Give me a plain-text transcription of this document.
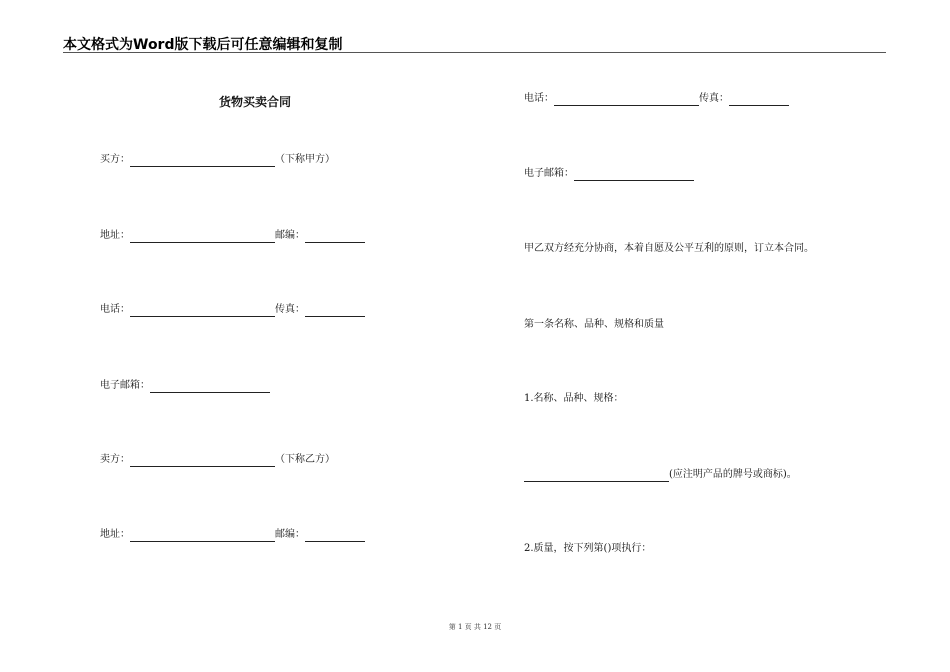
本文格式为Word版下载后可任意编辑和复制
货物买卖合同
买方：	（下称甲方）
地址：	邮编：
电话：	传真：
电子邮箱：
卖方：	（下称乙方）
地址：	邮编：
电话：	传真：
电子邮箱：
甲乙双方经充分协商，本着自愿及公平互利的原则，订立本合同。
第一条名称、品种、规格和质量
1.名称、品种、规格：
(应注明产品的牌号或商标)。
2.质量，按下列第()项执行：
第 1 页 共 12 页
